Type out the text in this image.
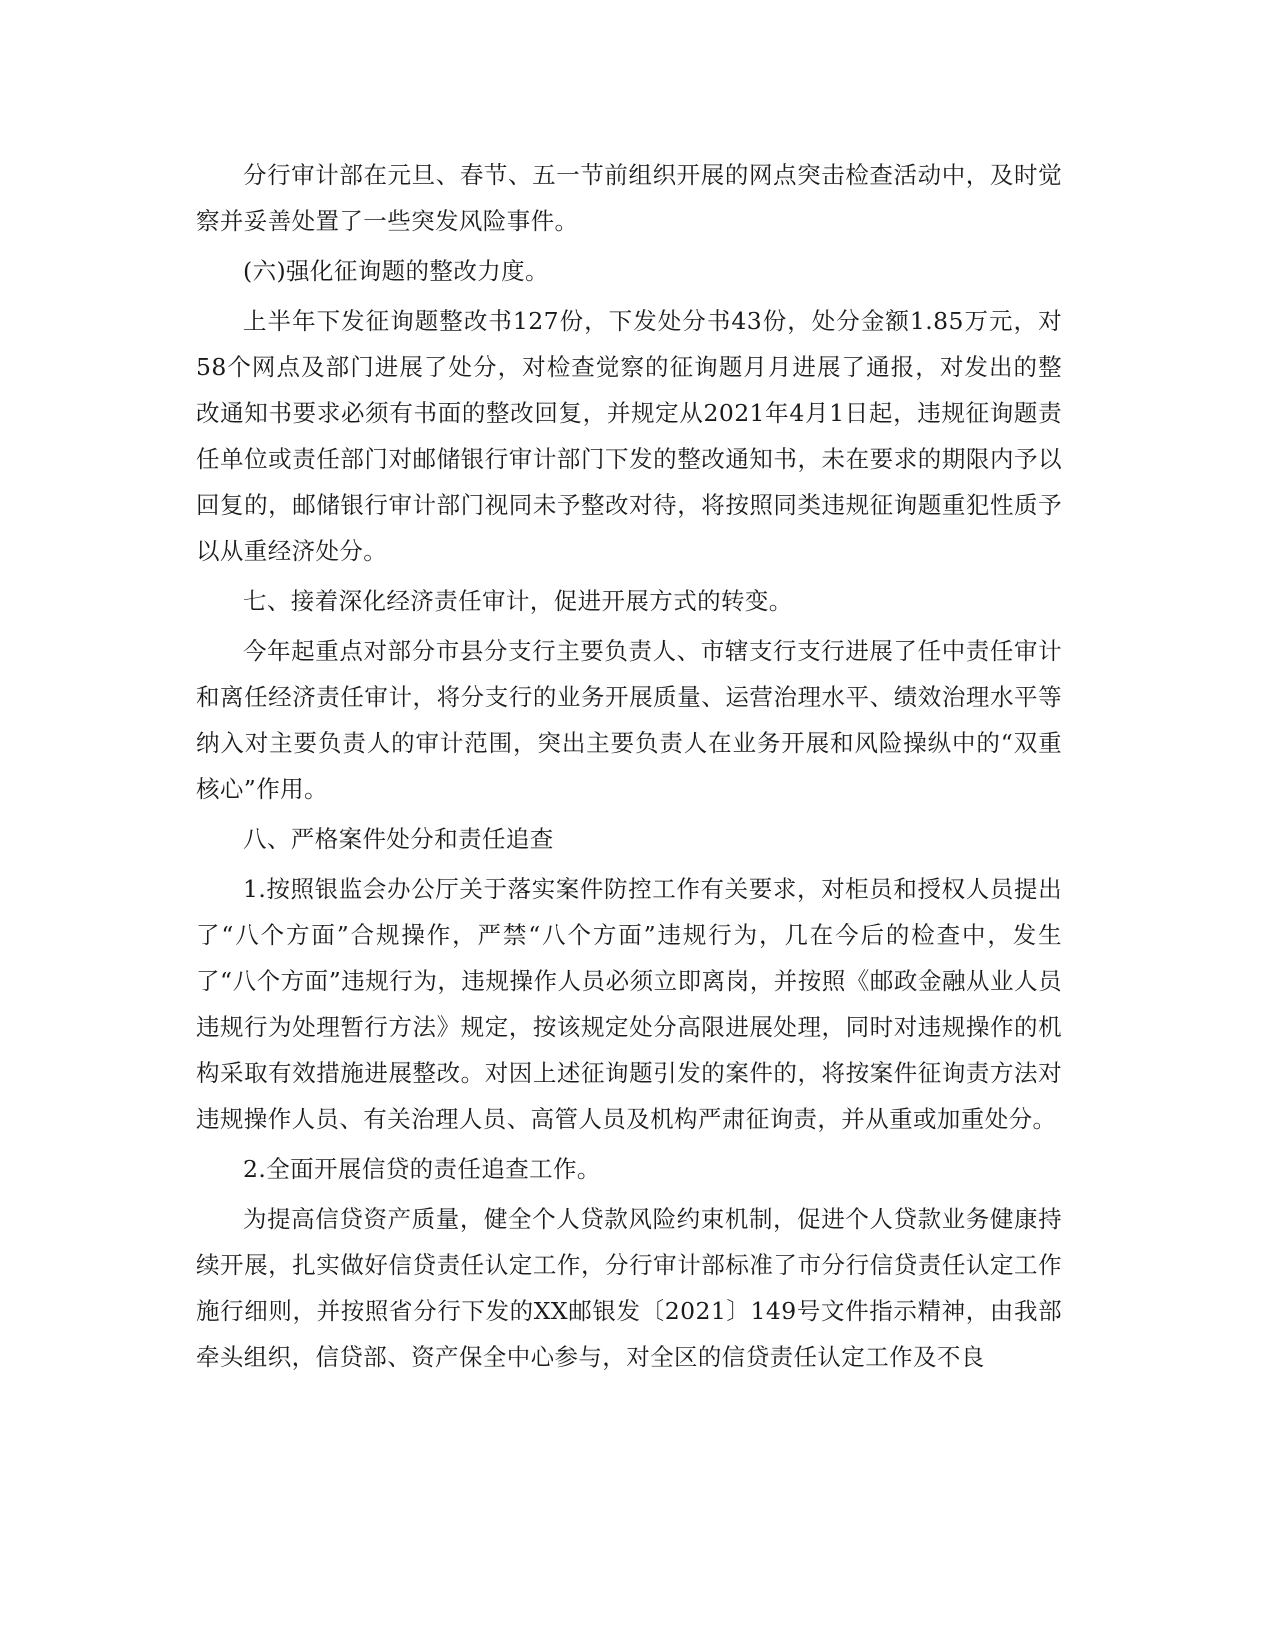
分行审计部在元旦、春节、五一节前组织开展的网点突击检查活动中，及时觉察并妥善处置了一些突发风险事件。

(六)强化征询题的整改力度。

上半年下发征询题整改书127份，下发处分书43份，处分金额1.85万元，对58个网点及部门进展了处分，对检查觉察的征询题月月进展了通报，对发出的整改通知书要求必须有书面的整改回复，并规定从2021年4月1日起，违规征询题责任单位或责任部门对邮储银行审计部门下发的整改通知书，未在要求的期限内予以回复的，邮储银行审计部门视同未予整改对待，将按照同类违规征询题重犯性质予以从重经济处分。

七、接着深化经济责任审计，促进开展方式的转变。

今年起重点对部分市县分支行主要负责人、市辖支行支行进展了任中责任审计和离任经济责任审计，将分支行的业务开展质量、运营治理水平、绩效治理水平等纳入对主要负责人的审计范围，突出主要负责人在业务开展和风险操纵中的“双重核心”作用。

八、严格案件处分和责任追查

1.按照银监会办公厅关于落实案件防控工作有关要求，对柜员和授权人员提出了“八个方面”合规操作，严禁“八个方面”违规行为，几在今后的检查中，发生了“八个方面”违规行为，违规操作人员必须立即离岗，并按照《邮政金融从业人员违规行为处理暂行方法》规定，按该规定处分高限进展处理，同时对违规操作的机构采取有效措施进展整改。对因上述征询题引发的案件的，将按案件征询责方法对违规操作人员、有关治理人员、高管人员及机构严肃征询责，并从重或加重处分。

2.全面开展信贷的责任追查工作。

为提高信贷资产质量，健全个人贷款风险约束机制，促进个人贷款业务健康持续开展，扎实做好信贷责任认定工作，分行审计部标准了市分行信贷责任认定工作施行细则，并按照省分行下发的XX邮银发〔2021〕149号文件指示精神，由我部牵头组织，信贷部、资产保全中心参与，对全区的信贷责任认定工作及不良
